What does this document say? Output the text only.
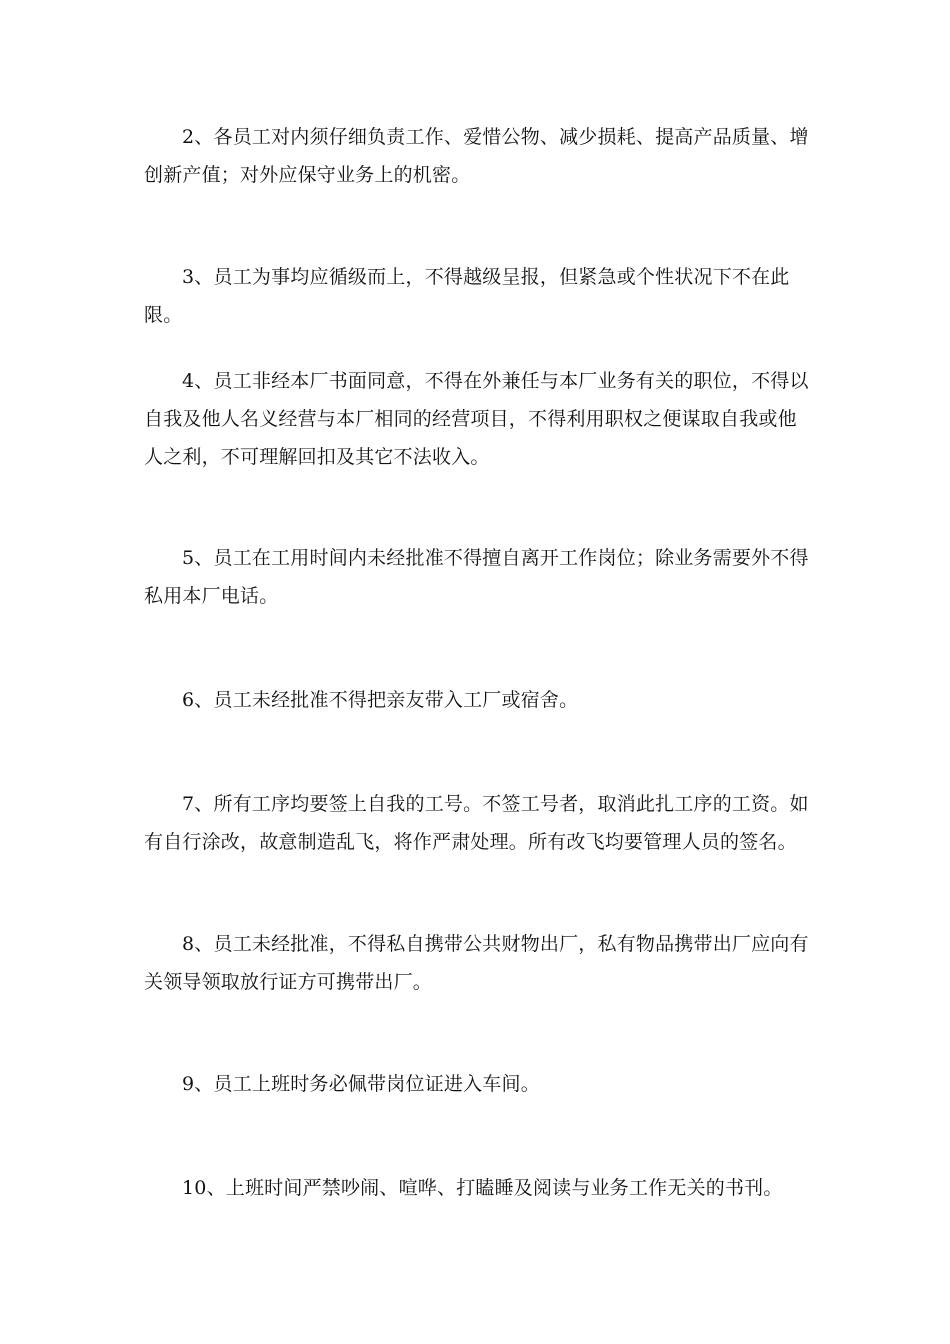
2、各员工对内须仔细负责工作、爱惜公物、减少损耗、提高产品质量、增创新产值；对外应保守业务上的机密。

3、员工为事均应循级而上，不得越级呈报，但紧急或个性状况下不在此限。

4、员工非经本厂书面同意，不得在外兼任与本厂业务有关的职位，不得以自我及他人名义经营与本厂相同的经营项目，不得利用职权之便谋取自我或他人之利，不可理解回扣及其它不法收入。

5、员工在工用时间内未经批准不得擅自离开工作岗位；除业务需要外不得私用本厂电话。

6、员工未经批准不得把亲友带入工厂或宿舍。

7、所有工序均要签上自我的工号。不签工号者，取消此扎工序的工资。如有自行涂改，故意制造乱飞，将作严肃处理。所有改飞均要管理人员的签名。

8、员工未经批准，不得私自携带公共财物出厂，私有物品携带出厂应向有关领导领取放行证方可携带出厂。

9、员工上班时务必佩带岗位证进入车间。

10、上班时间严禁吵闹、喧哗、打瞌睡及阅读与业务工作无关的书刊。
